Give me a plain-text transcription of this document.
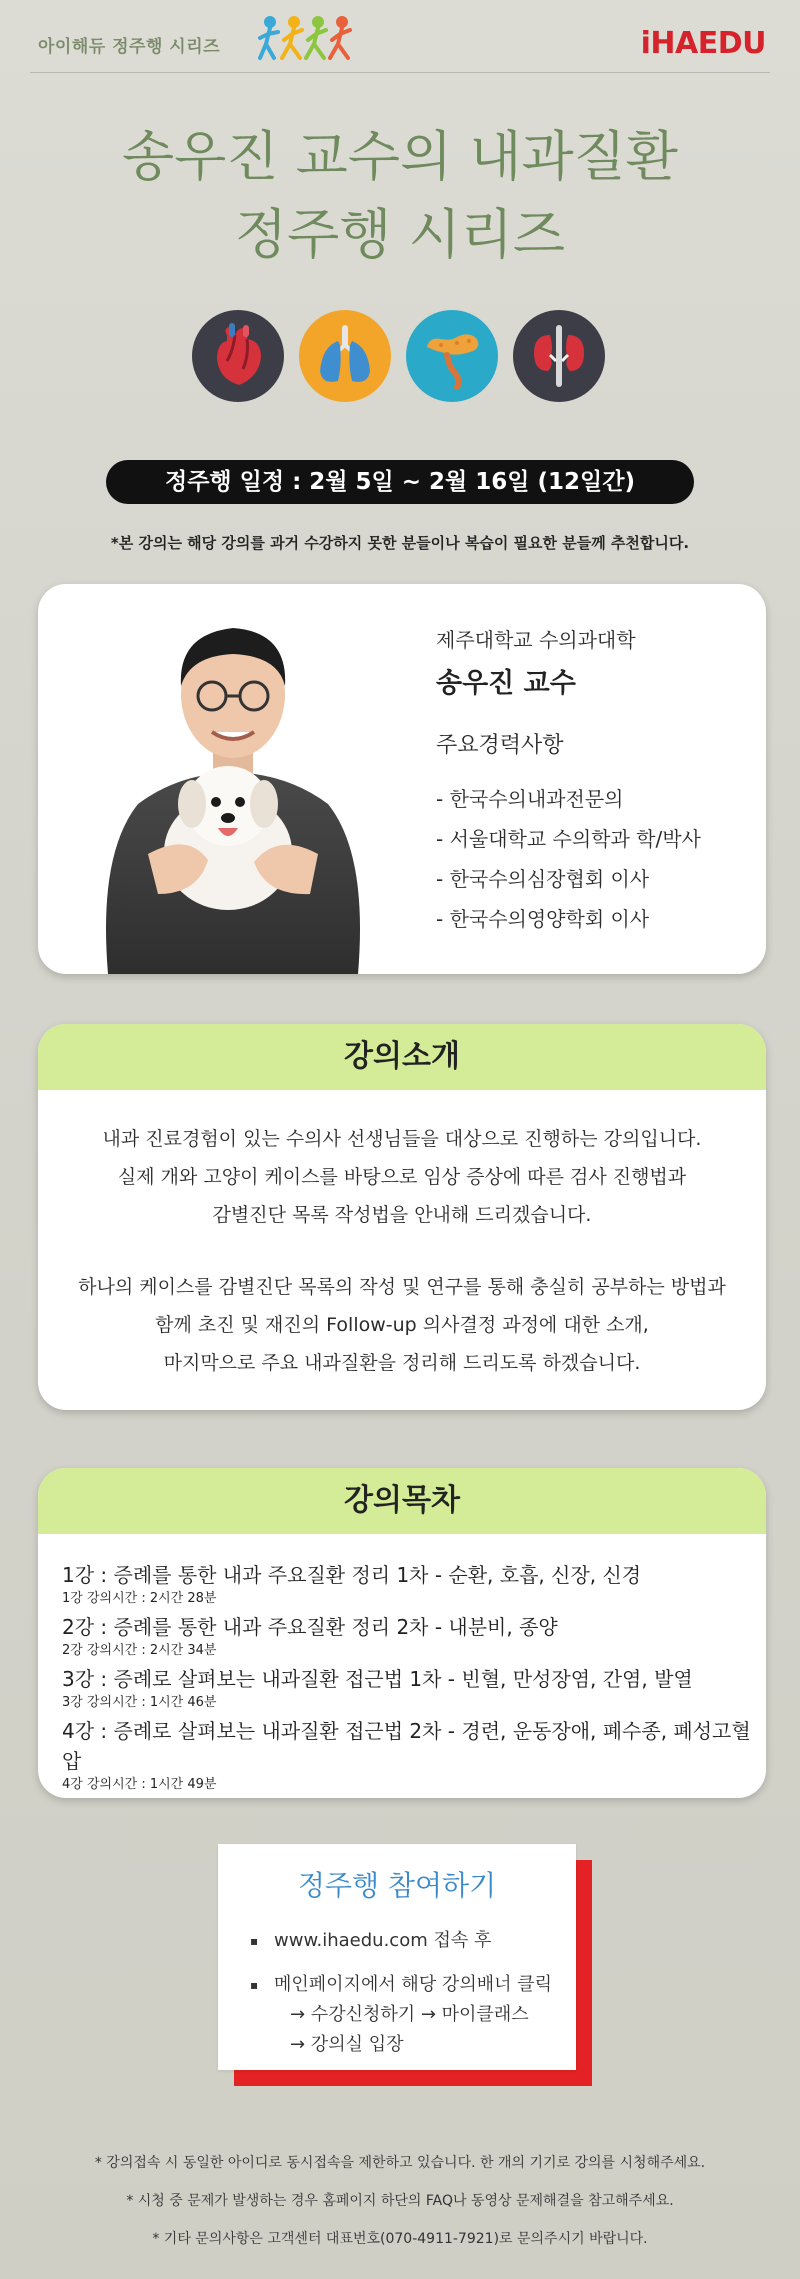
아이해듀 정주행 시리즈	iHAEDU
송우진 교수의 내과질환
정주행 시리즈
정주행 일정 : 2월 5일 ~ 2월 16일 (12일간)
*본 강의는 해당 강의를 과거 수강하지 못한 분들이나 복습이 필요한 분들께 추천합니다.
제주대학교 수의과대학
송우진 교수
주요경력사항
- 한국수의내과전문의
- 서울대학교 수의학과 학/박사
- 한국수의심장협회 이사
- 한국수의영양학회 이사
강의소개

내과 진료경험이 있는 수의사 선생님들을 대상으로 진행하는 강의입니다.

실제 개와 고양이 케이스를 바탕으로 임상 증상에 따른 검사 진행법과

감별진단 목록 작성법을 안내해 드리겠습니다.

하나의 케이스를 감별진단 목록의 작성 및 연구를 통해 충실히 공부하는 방법과

함께 초진 및 재진의 Follow-up 의사결정 과정에 대한 소개,

마지막으로 주요 내과질환을 정리해 드리도록 하겠습니다.

강의목차
1강 : 증례를 통한 내과 주요질환 정리 1차 - 순환, 호흡, 신장, 신경
1강 강의시간 : 2시간 28분
2강 : 증례를 통한 내과 주요질환 정리 2차 - 내분비, 종양
2강 강의시간 : 2시간 34분
3강 : 증례로 살펴보는 내과질환 접근법 1차 - 빈혈, 만성장염, 간염, 발열
3강 강의시간 : 1시간 46분
4강 : 증례로 살펴보는 내과질환 접근법 2차 - 경련, 운동장애, 폐수종, 폐성고혈압
4강 강의시간 : 1시간 49분
정주행 참여하기
▪ www.ihaedu.com 접속 후
▪ 메인페이지에서 해당 강의배너 클릭
→ 수강신청하기 → 마이클래스
→ 강의실 입장

* 강의접속 시 동일한 아이디로 동시접속을 제한하고 있습니다. 한 개의 기기로 강의를 시청해주세요.

* 시청 중 문제가 발생하는 경우 홈페이지 하단의 FAQ나 동영상 문제해결을 참고해주세요.

* 기타 문의사항은 고객센터 대표번호(070-4911-7921)로 문의주시기 바랍니다.
